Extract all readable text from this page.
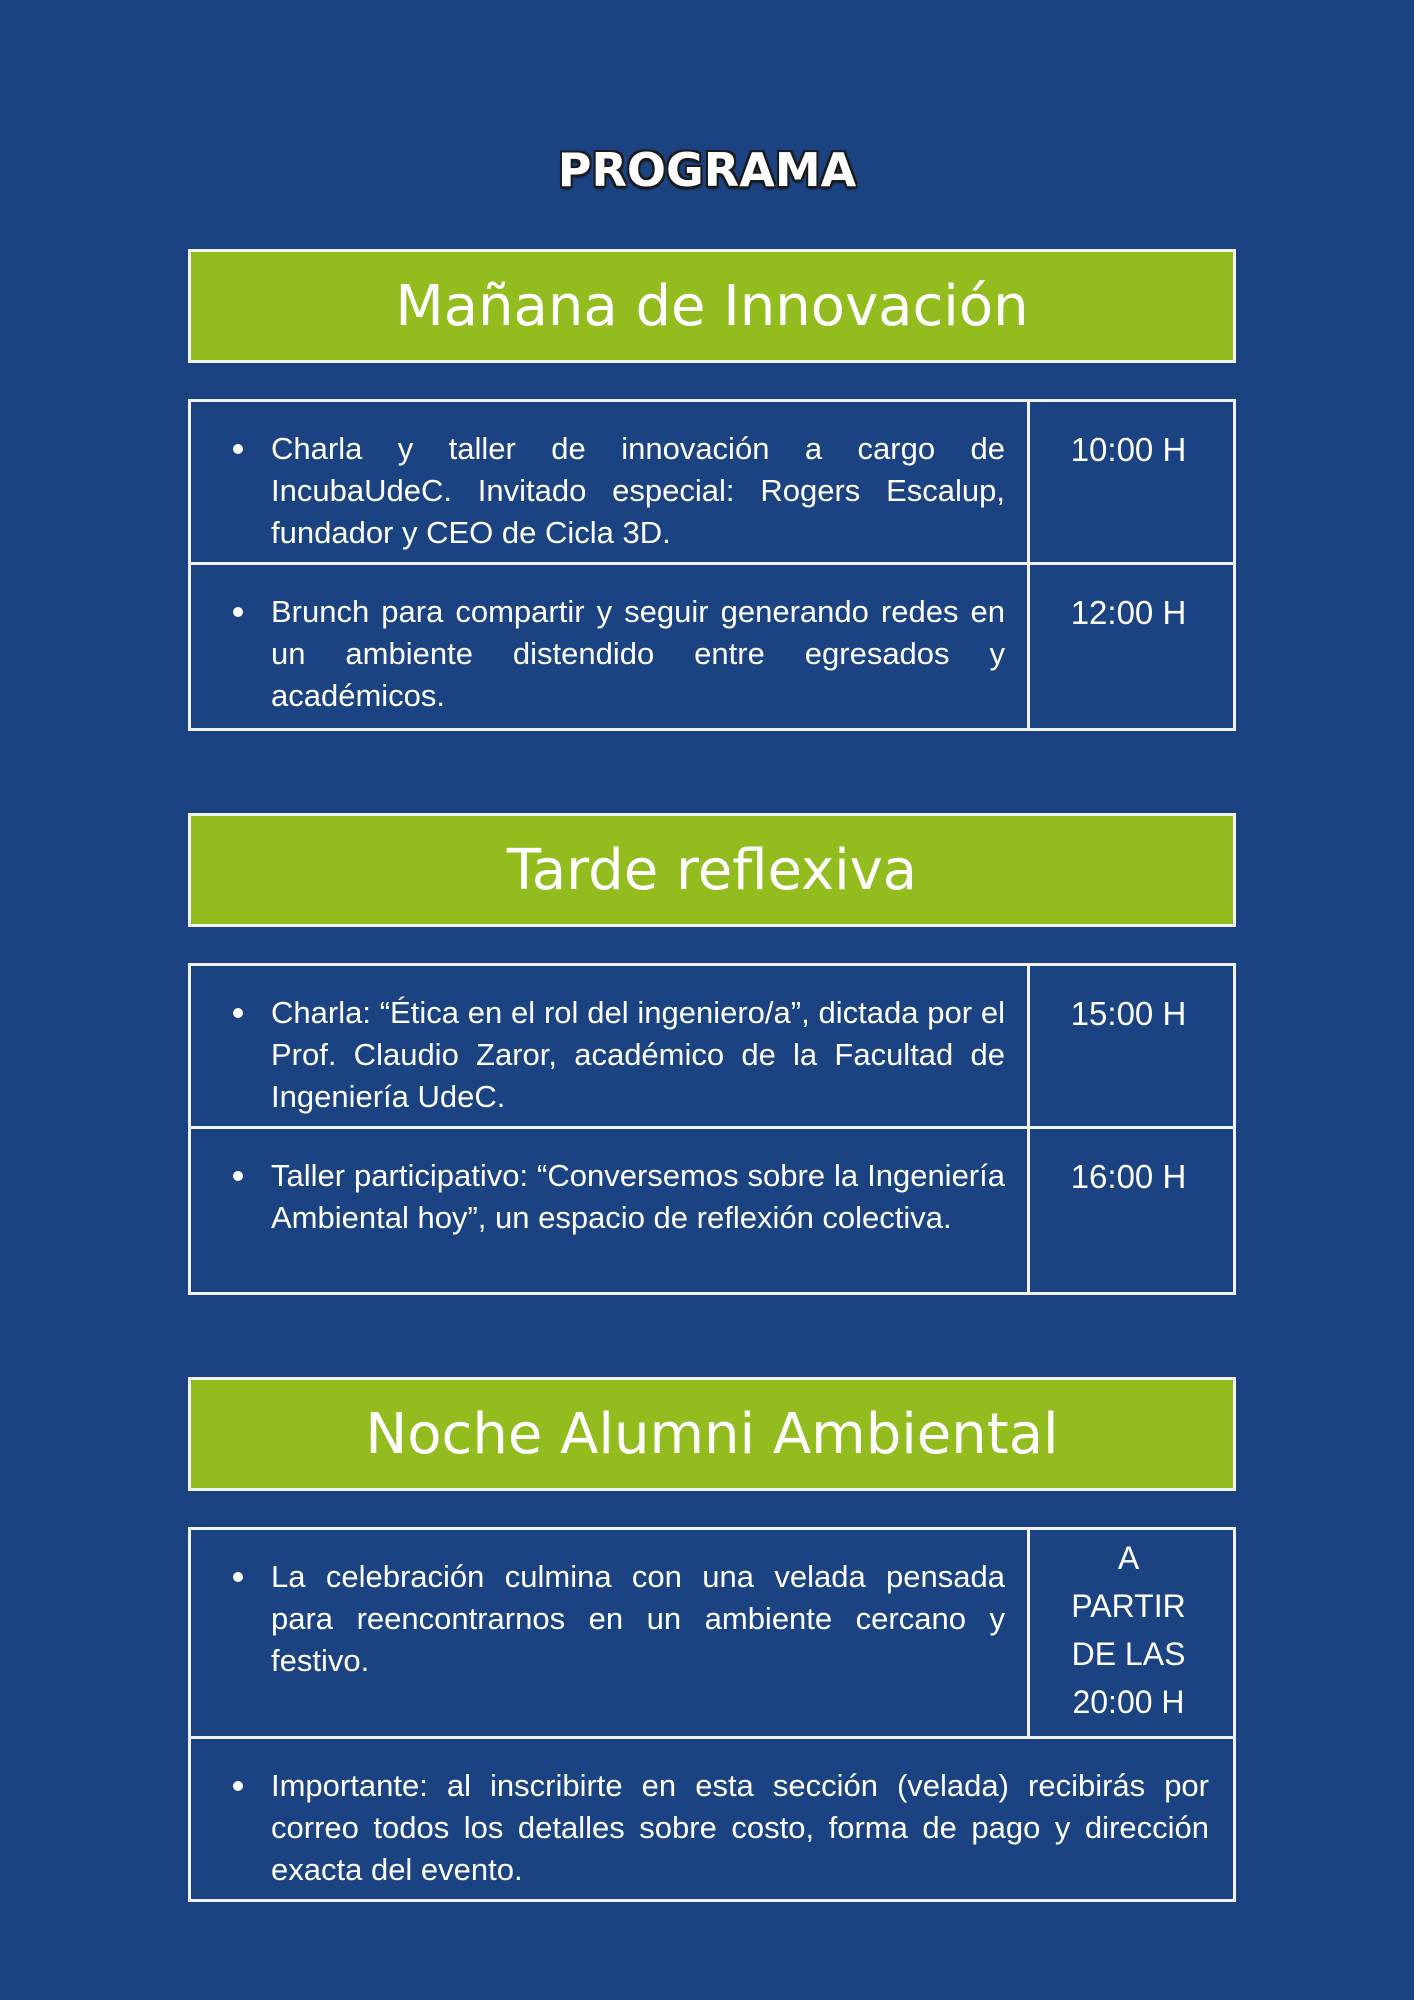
PROGRAMA
Mañana de Innovación
Charla y taller de innovación a cargo de IncubaUdeC. Invitado especial: Rogers Escalup, fundador y CEO de Cicla 3D.
10:00 H
Brunch para compartir y seguir generando redes en un ambiente distendido entre egresados y académicos.
12:00 H
Tarde reflexiva
Charla: “Ética en el rol del ingeniero/a”, dictada por el Prof. Claudio Zaror, académico de la Facultad de Ingeniería UdeC.
15:00 H
Taller participativo: “Conversemos sobre la Ingeniería Ambiental hoy”, un espacio de reflexión colectiva.
16:00 H
Noche Alumni Ambiental
La celebración culmina con una velada pensada para reencontrarnos en un ambiente cercano y festivo.
A
PARTIR
DE LAS
20:00 H
Importante: al inscribirte en esta sección (velada) recibirás por correo todos los detalles sobre costo, forma de pago y dirección exacta del evento.
